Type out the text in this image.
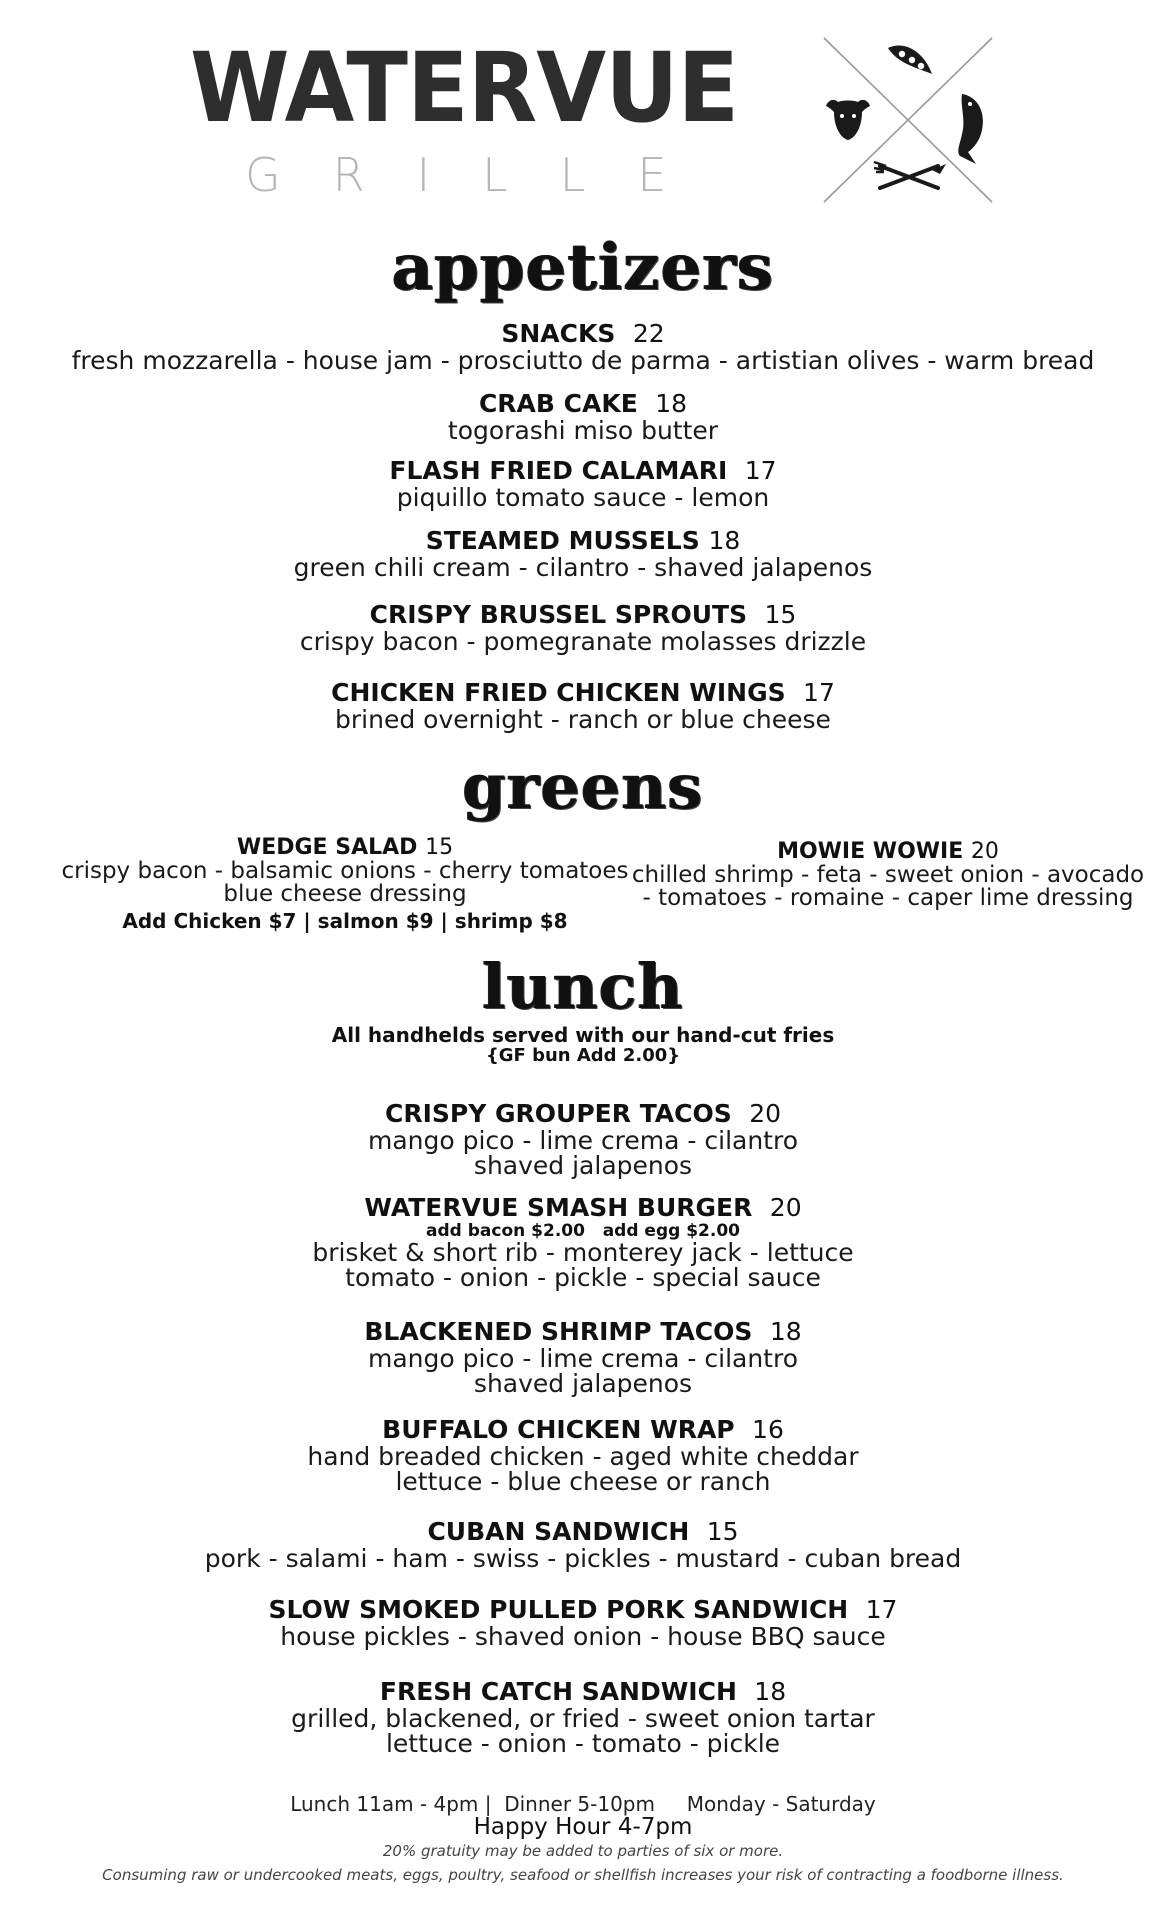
WATERVUE
GRILLE
appetizers
SNACKS 22
fresh mozzarella - house jam - prosciutto de parma - artistian olives - warm bread
CRAB CAKE 18
togorashi miso butter
FLASH FRIED CALAMARI 17
piquillo tomato sauce - lemon
STEAMED MUSSELS 18
green chili cream - cilantro - shaved jalapenos
CRISPY BRUSSEL SPROUTS 15
crispy bacon - pomegranate molasses drizzle
CHICKEN FRIED CHICKEN WINGS 17
brined overnight - ranch or blue cheese
greens
WEDGE SALAD 15
crispy bacon - balsamic onions - cherry tomatoes
blue cheese dressing
Add Chicken $7 | salmon $9 | shrimp $8
MOWIE WOWIE 20
chilled shrimp - feta - sweet onion - avocado
- tomatoes - romaine - caper lime dressing
lunch
All handhelds served with our hand-cut fries
{GF bun Add 2.00}
CRISPY GROUPER TACOS 20
mango pico - lime crema - cilantro
shaved jalapenos
WATERVUE SMASH BURGER 20
add bacon $2.00   add egg $2.00
brisket & short rib - monterey jack - lettuce
tomato - onion - pickle - special sauce
BLACKENED SHRIMP TACOS 18
mango pico - lime crema - cilantro
shaved jalapenos
BUFFALO CHICKEN WRAP 16
hand breaded chicken - aged white cheddar
lettuce - blue cheese or ranch
CUBAN SANDWICH 15
pork - salami - ham - swiss - pickles - mustard - cuban bread
SLOW SMOKED PULLED PORK SANDWICH 17
house pickles - shaved onion - house BBQ sauce
FRESH CATCH SANDWICH 18
grilled, blackened, or fried - sweet onion tartar
lettuce - onion - tomato - pickle
Lunch 11am - 4pm |  Dinner 5-10pm     Monday - Saturday
Happy Hour 4-7pm
20% gratuity may be added to parties of six or more.
Consuming raw or undercooked meats, eggs, poultry, seafood or shellfish increases your risk of contracting a foodborne illness.
